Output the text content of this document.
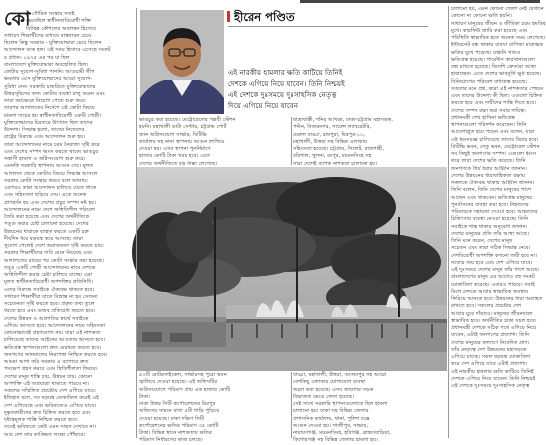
কো
টা গৌরিক সংস্কার সবাই
ভেবেছিল স্বাধীনতাবিরোধী শক্তি
বিচ্ছিন্ন কৌশলের অবলম্বন হিসেবে
সাধারণ শিক্ষার্থীদের মাধ্যমে বাস্তবায়ন চেয়ে
ছিলেন কিন্তু সরকার - মুক্তিযোদ্ধারা চেয়ে ছিলেন
আন্দোলন ডাক হল। এই সময় হিসাবে এসেছে সংকট
র প্রধান। ১৯৭৫ এর পর যা ছিল
বাংলাদেশে মুক্তিযোদ্ধারা অবহেলিত ছিল।
কোটার সুযোগ-সুবিধা পাননি। আওয়ামী লীগ
ক্ষমতায় এসে মুক্তিযোদ্ধাদের আরো সুযোগ-
সুবিধা দেন। সরকারি চাকরিতে মুক্তিযোদ্ধাদের
উত্তরসূরিদের জন্য কোটার ব্যবস্থা চালু করেন এবং
তারা কর্মক্ষেত্রে নিয়োগ পেতে শুরু করে।
তারপর আদালতের নির্দেশে এই কোটা বিষয়ে
মামলা দায়ের হয় স্বাধীনতাবিরোধী একটি গোষ্ঠী।
মুক্তিযোদ্ধাদের চিরতরে উৎখাত ছিল তাদের
উদ্দেশ্য। সিদ্ধান্ত হলো, তাদের নিজেদের
রাষ্ট্রের বিরুদ্ধে এবং আন্দোলন শুরু হয়।
তারা আন্দোলনের নামে চরম নৈরাজ্য সৃষ্টি করে
এবং দেশের সম্পদ ধ্বংস করতে থাকে। ভাঙচুর
সন্ত্রাসী হামলা ও অগ্নিসংযোগ শুরু করে।
এমনকি সরকারি স্থাপনায় আগুন দেয়। মূলত
আদালত থেকে কোটার বিষয়ে সিদ্ধান্ত আসলে
সরকার কোটা সংস্কার করবে বলে জানায়।
এরপরও তারা আন্দোলন চালিয়ে যেতে থাকে
এবং সহিংসতা ছড়িয়ে দেয়। এতে অনেক
প্রাণহানি হয় এবং দেশের প্রচুর সম্পদ নষ্ট হয়।
আন্দোলনের নামে দেশে অস্থিতিশীল পরিবেশ
তৈরি করা হয়েছে এবং দেশের অর্থনীতিকে
পঙ্গু করার চেষ্টা চালানো হয়েছে। দেশের
উন্নয়নের ধারাকে ব্যাহত করতে একটি চক্র
দীর্ঘদিন ধরে ষড়যন্ত্র করে আসছে। তারা
সুযোগ পেলেই দেশে অরাজকতা সৃষ্টি করতে চায়।
সরকার শিক্ষার্থীদের দাবি মেনে নিয়েছে এবং
আদালতের রায়ের পর কোটা সংস্কার করা হয়েছে।
তবুও একটি গোষ্ঠী আন্দোলনের নামে দেশকে
অস্থিতিশীল করার চেষ্টা চালিয়ে যাচ্ছে। এরা
মূলত স্বাধীনতাবিরোধী অপশক্তির প্রতিনিধি।
এদের বিরুদ্ধে সবাইকে ঐক্যবদ্ধ থাকতে হবে।
সাধারণ শিক্ষার্থীরা যাতে বিভ্রান্ত না হয় সেজন্য
সচেতনতা সৃষ্টি করতে হবে। প্রকৃত তথ্য তুলে
ধরতে হবে এবং গুজব প্রতিরোধ করতে হবে।
দেশের উন্নয়ন ও অগ্রগতির স্বার্থে সবাইকে
এগিয়ে আসতে হবে। আন্দোলনের নামে সহিংসতা
কোনোভাবেই গ্রহণযোগ্য নয়। যারা এই নাশকতা
চালিয়েছে তাদের আইনের আওতায় আনতে হবে।
ক্ষতিগ্রস্ত স্থাপনাগুলো দ্রুত মেরামত করতে হবে।
জনগণের জানমালের নিরাপত্তা নিশ্চিত করতে হবে।
আমরা আশা করি সরকার এ ব্যাপারে দ্রুত
পদক্ষেপ গ্রহণ করবে এবং স্থিতিশীলতা ফিরবে।
দেশের মানুষ শান্তি চায়, উন্নয়ন চায়। কোনো
অপশক্তি এই অগ্রযাত্রা থামাতে পারবে না।
সকলের সম্মিলিত প্রচেষ্টায় দেশ এগিয়ে যাবে।
ইতিহাস বলে, সব ষড়যন্ত্র মোকাবিলা করেই এই
দেশ এগিয়েছে এবং ভবিষ্যতেও এগিয়ে যাবে।
দুষ্কৃতকারীদের দ্রুত চিহ্নিত করতে হবে এবং
দৃষ্টান্তমূলক শাস্তি নিশ্চিত করতে হবে।
তবেই ভবিষ্যতে কেউ এমন সাহস দেখাবে না।
আর দেশ তার কাঙ্ক্ষিত লক্ষ্যে পৌঁছাবে।
হীরেন পণ্ডিত
এই নারকীয় হামলার ক্ষতি কাটিয়ে তিনিই
দেশকে এগিয়ে নিয়ে যাবেন। তিনি নিশ্চয়ই
এই দেশকে দুঃসময়ে দুঃসাহসিক নেতৃত্ব
দিয়ে এগিয়ে নিয়ে যাবেন
ভাঙচুর করা হয়েছে। মেট্রোরেলের পল্লবী স্টেশন
হয়নি। মহাখালী ডাটা সেন্টার, চট্টগ্রাম পোর্ট
জান অগ্নিসংযোগ সার্ভার, বিটিভি
কার্যালয় সহ নানা স্থাপনায় আগুন লাগিয়ে
দেওয়া হয়। এসব স্থাপনা পুনর্নির্মাণে
হাজার কোটি টাকা খরচ হবে। এতে
দেশের অর্থনীতিতে বড় ধাক্কা লেগেছে।
ছাত্ৰাবাস্তী, শনির আখড়া, ঢাকা-চট্টগ্রাম মহাসড়ক,
পল্টন, বিজয়নগর, সায়েন্স ল্যাবরেটরি,
মেরুল বাড্ডা, রামপুরা, মিরপুর-১০,
মহাখালী, উত্তরা সহ বিভিন্ন এলাকায়
সহিংসতা হয়েছে। চট্টগ্রাম, সিলেট, রাজশাহী,
বরিশাল, খুলনা, রংপুর, ময়মনসিংহ সহ
সারা দেশেই ব্যাপক নাশকতা চালানো হয়।
চালানো হয়, এমন কোনো জেলা নেই যেখানে
কোনো না কোনো ক্ষতি হয়নি।
সাধারণ মানুষের জীবন ও জীবিকা চরম হুমকির
মুখে। কারফিউ জারি করা হয়েছে এবং
পরিস্থিতি স্বাভাবিক হতে অনেক সময় লেগেছে।
ইন্টারনেট বন্ধ থাকায় ব্যবসা বাণিজ্য মারাত্মক
ক্ষতির মুখে পড়েছে। রপ্তানি খাতও
ক্ষতিগ্রস্ত হয়েছে। গার্মেন্টস কারখানাগুলো
বন্ধ রাখতে হয়েছে। বিদেশি ক্রেতারা আস্থা
হারাচ্ছেন। এতে দেশের ভাবমূর্তি ক্ষুণ্ণ হয়েছে।
বিনিয়োগের পরিবেশ বাধাগ্রস্ত হয়েছে।
সকলের মনে প্রশ্ন, কারা এই নাশকতার পেছনে
এবং তাদের উদ্দেশ্য কী ছিল। এগুলো চিহ্নিত
করতে হবে এবং দায়ীদের শাস্তি দিতে হবে।
দেশের সম্পদ রক্ষা করা সবার দায়িত্ব।
প্রধানমন্ত্রী শেখ হাসিনা ক্ষতিগ্রস্ত
স্থাপনাগুলো পরিদর্শন করেছেন। তিনি
আবেগাপ্লুত হয়ে পড়েন এবং বলেন, যারা
এই ধ্বংসযজ্ঞ চালিয়েছে তাদের বিচার হবে।
বিটিভি ভবন, সেতু ভবন, মেট্রোরেল স্টেশন
সব কিছুই জনগণের সম্পদ। এগুলো ধ্বংস
করে তারা দেশের ক্ষতি করেছে। তিনি
জনগণকে ধৈর্য ধরার আহ্বান জানান।
দেশের উন্নয়নের ধারাবাহিকতা রক্ষায়
সকলকে ঐক্যবদ্ধ থাকার আহ্বান জানান।
তিনি বলেন, তিনি দেশের মানুষের পাশে
আছেন এবং থাকবেন। ক্ষতিগ্রস্ত মানুষের
পুনর্বাসনের ব্যবস্থা করা হবে। নিহতদের
পরিবারকে সহায়তা দেওয়া হবে। আহতদের
চিকিৎসার ব্যবস্থা নেওয়া হয়েছে। তিনি
সবাইকে শান্ত থাকার অনুরোধ জানান।
দেশের মানুষের প্রতি তাঁর আস্থা আছে।
তিনি মনে করেন, দেশের মানুষ
সচেতন এবং তারা সঠিক সিদ্ধান্ত নেবে।
দেশবিরোধী অপশক্তি কখনো জয়ী হবে না।
সত্যের জয় হবে এবং দেশ এগিয়ে যাবে।
এই দুঃসময়ে দেশের মানুষ তাঁর পাশে আছে।
বাংলাদেশের মানুষ এর আগেও বহু সংকট
মোকাবিলা করেছে। এবারও পারবে। সবাই
মিলে দেশকে আবার স্বাভাবিক অবস্থায়
ফিরিয়ে আনতে হবে। উন্নয়নের ধারা অব্যাহত
রাখতে হবে। সকলের প্রচেষ্টায় দেশ
আবার ঘুরে দাঁড়াবে। মানুষের জীবনযাত্রা
স্বাভাবিক হবে। অর্থনীতির চাকা সচল হবে।
প্রধানমন্ত্রী দেশকে সঠিক পথে এগিয়ে নিয়ে
যাবেন, এটাই জনগণের প্রত্যাশা। তিনি
দেশের মানুষের কল্যাণে নিবেদিত প্রাণ।
তাঁর নেতৃত্বে দেশ উন্নয়নের মহাসড়কে
এগিয়ে যাচ্ছে। সকল ষড়যন্ত্র মোকাবিলা
করে দেশ এগিয়ে যাবে এটাই প্রত্যাশা।
এই নারকীয় হামলার ক্ষতি কাটিয়ে তিনিই
দেশকে এগিয়ে নিয়ে যাবেন। তিনি নিশ্চয়ই
এই দেশকে দুঃসময়ে দুঃসাহসিক নেতৃত্ব
৫৩টি মোটরসাইকেল, সার্ভারসহ পুরো ভবন
জ্বালিয়ে দেওয়া হয়েছে। এই অফিসটির
অগ্নিসংযোগে পরিমাণ প্রায় এক হাজার কোটি
টাকা।
ঢাকা উত্তর সিটি কর্পোরেশনের মিরপুর
অফিসের সামনে রাখা ৫টি গাড়ি পুড়িয়ে
দেওয়া হয়েছে। ঢাকা দক্ষিণ সিটি
কর্পোরেশনের ক্ষতির পরিমাণ ৩৫ কোটি
টাকা। বিভিন্ন স্থানে নাশকতায় ক্ষতির
পরিমাণ নির্ধারণের কাজ চলছে।
বাড্ডা, মহাখালী, উত্তরা, আজমপুর সহ আরো
বেশকিছু এলাকার যোগাযোগ ব্যবস্থা
অচল করা হয়েছে। এসব জায়গার সড়ক
বিভাজক ভেঙে ফেলা হয়েছে।
সেই সাথে সরকারি স্থাপনাগুলোতে ছিল হামলা
চালানো হয়। ঢাকা সহ বিভিন্ন জেলার
প্রশাসনিক কার্যালয়, থানা, পুলিশ বক্সে
আগুন দেওয়া হয়। গাজীপুর, সাভার,
নারায়ণগঞ্জ, ময়মনসিংহ, হবিগঞ্জ, ব্রাহ্মণবাড়িয়া,
কিশোরগঞ্জ সহ বিভিন্ন জেলায় হামলা হয়।
